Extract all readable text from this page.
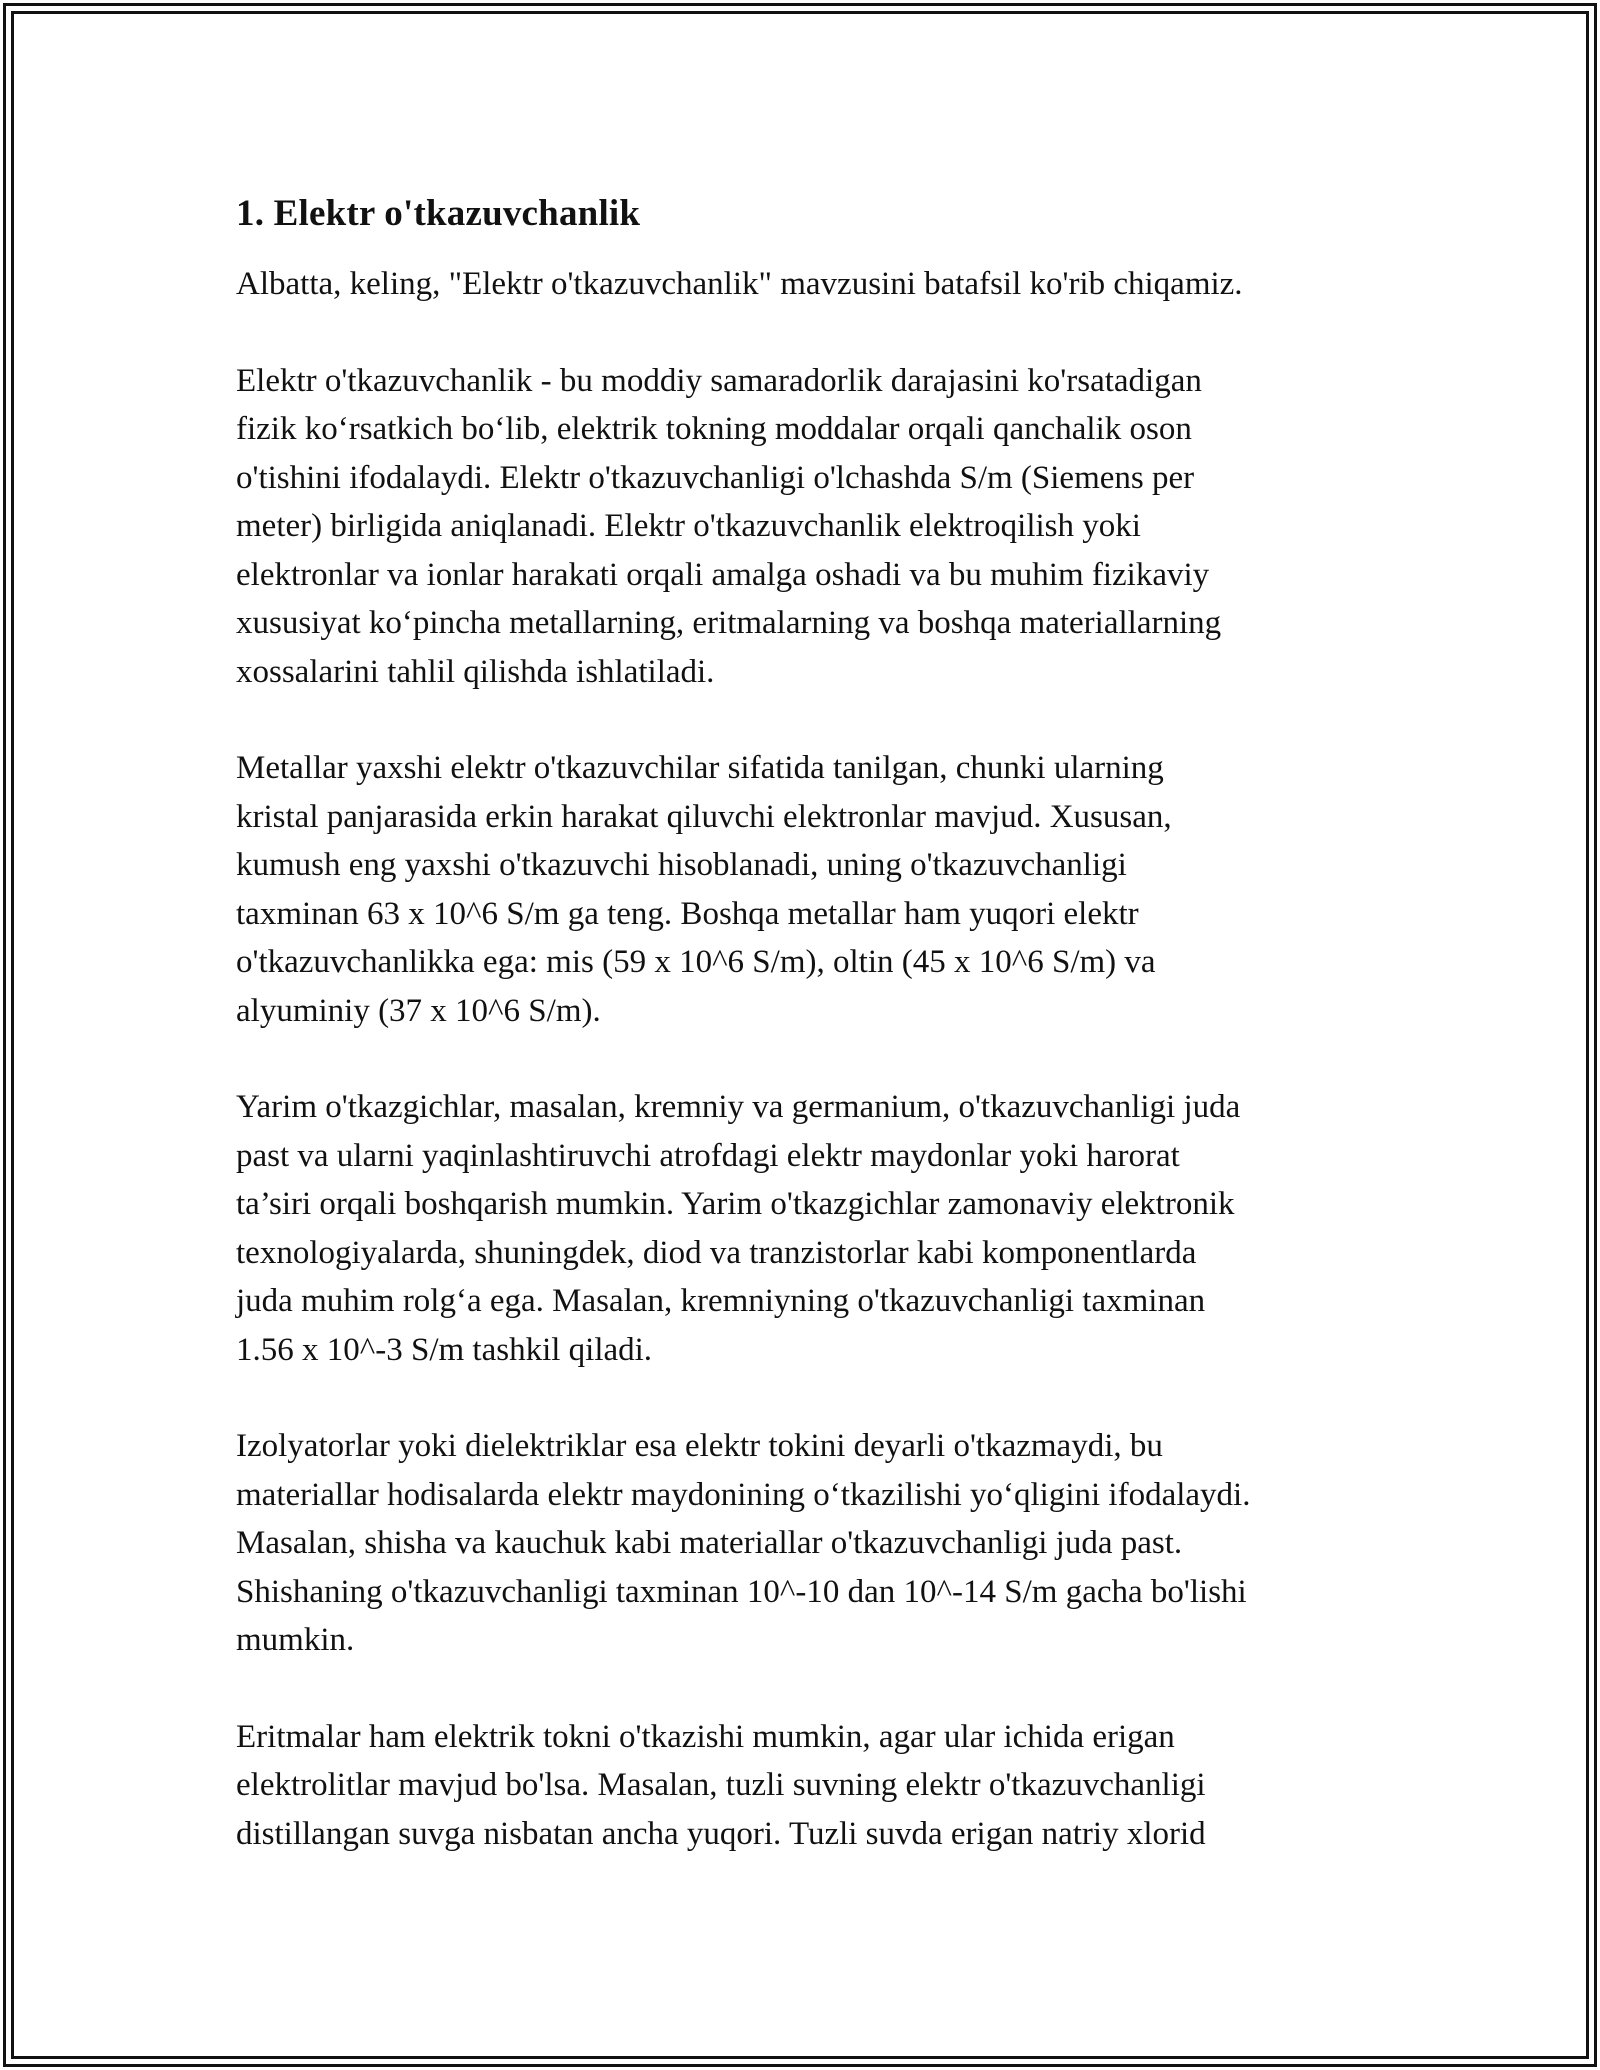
1. Elektr o'tkazuvchanlik

Albatta, keling, "Elektr o'tkazuvchanlik" mavzusini batafsil ko'rib chiqamiz.

Elektr o'tkazuvchanlik - bu moddiy samaradorlik darajasini ko'rsatadigan
fizik ko‘rsatkich bo‘lib, elektrik tokning moddalar orqali qanchalik oson
o'tishini ifodalaydi. Elektr o'tkazuvchanligi o'lchashda S/m (Siemens per
meter) birligida aniqlanadi. Elektr o'tkazuvchanlik elektroqilish yoki
elektronlar va ionlar harakati orqali amalga oshadi va bu muhim fizikaviy
xususiyat ko‘pincha metallarning, eritmalarning va boshqa materiallarning
xossalarini tahlil qilishda ishlatiladi.

Metallar yaxshi elektr o'tkazuvchilar sifatida tanilgan, chunki ularning
kristal panjarasida erkin harakat qiluvchi elektronlar mavjud. Xususan,
kumush eng yaxshi o'tkazuvchi hisoblanadi, uning o'tkazuvchanligi
taxminan 63 x 10^6 S/m ga teng. Boshqa metallar ham yuqori elektr
o'tkazuvchanlikka ega: mis (59 x 10^6 S/m), oltin (45 x 10^6 S/m) va
alyuminiy (37 x 10^6 S/m).

Yarim o'tkazgichlar, masalan, kremniy va germanium, o'tkazuvchanligi juda
past va ularni yaqinlashtiruvchi atrofdagi elektr maydonlar yoki harorat
ta’siri orqali boshqarish mumkin. Yarim o'tkazgichlar zamonaviy elektronik
texnologiyalarda, shuningdek, diod va tranzistorlar kabi komponentlarda
juda muhim rolg‘a ega. Masalan, kremniyning o'tkazuvchanligi taxminan
1.56 x 10^-3 S/m tashkil qiladi.

Izolyatorlar yoki dielektriklar esa elektr tokini deyarli o'tkazmaydi, bu
materiallar hodisalarda elektr maydonining o‘tkazilishi yo‘qligini ifodalaydi.
Masalan, shisha va kauchuk kabi materiallar o'tkazuvchanligi juda past.
Shishaning o'tkazuvchanligi taxminan 10^-10 dan 10^-14 S/m gacha bo'lishi
mumkin.

Eritmalar ham elektrik tokni o'tkazishi mumkin, agar ular ichida erigan
elektrolitlar mavjud bo'lsa. Masalan, tuzli suvning elektr o'tkazuvchanligi
distillangan suvga nisbatan ancha yuqori. Tuzli suvda erigan natriy xlorid
